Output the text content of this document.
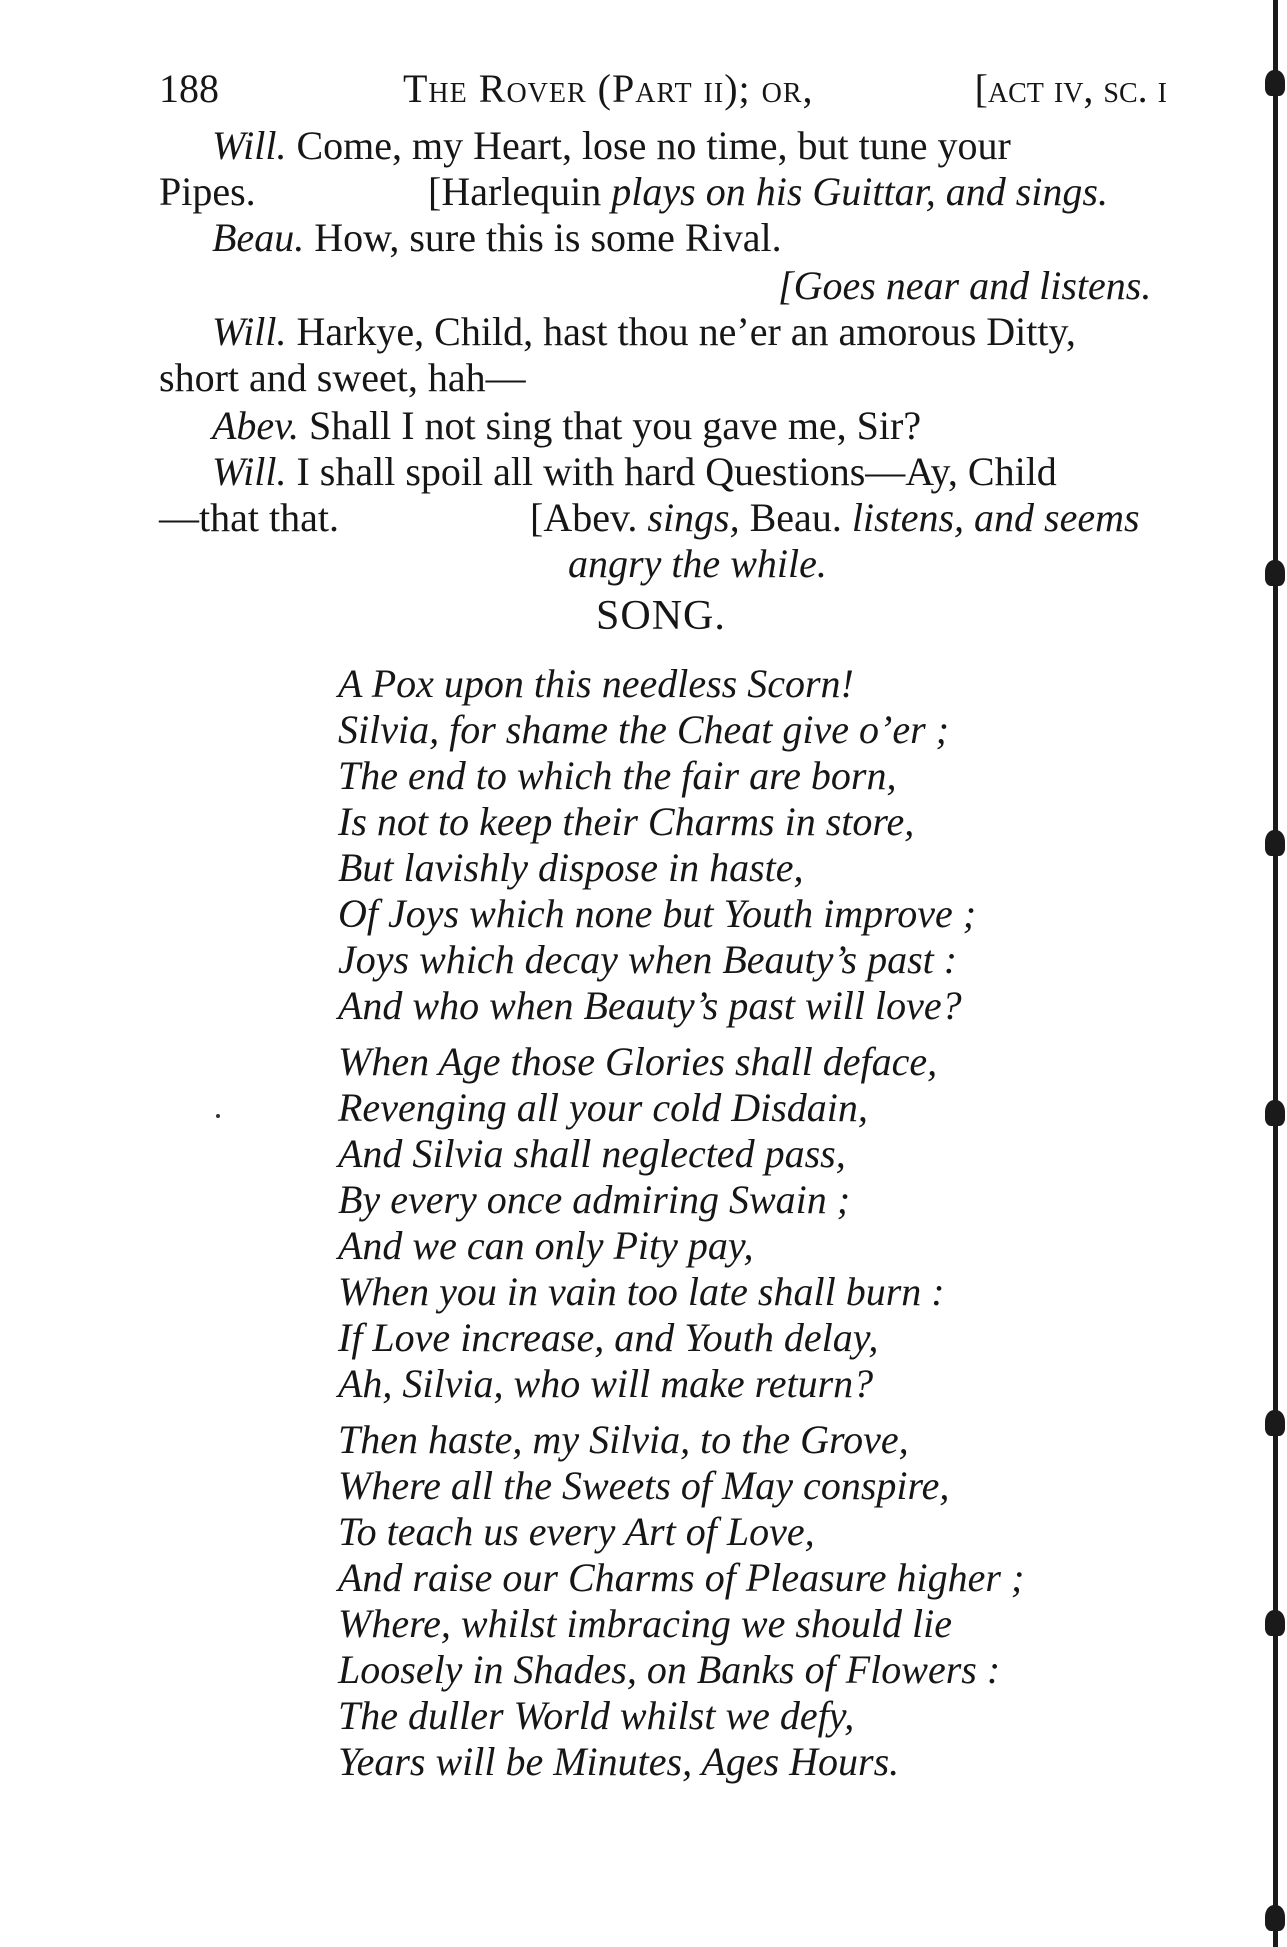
188	The Rover (Part ii); or,	[act iv, sc. i
Will. Come, my Heart, lose no time, but tune your
Pipes.	[Harlequin plays on his Guittar, and sings.
Beau. How, sure this is some Rival.
[Goes near and listens.
Will. Harkye, Child, hast thou ne’er an amorous Ditty,
short and sweet, hah—
Abev. Shall I not sing that you gave me, Sir?
Will. I shall spoil all with hard Questions—Ay, Child
—that that.	[Abev. sings, Beau. listens, and seems
angry the while.
SONG.
A Pox upon this needless Scorn!
Silvia, for shame the Cheat give o’er ;
The end to which the fair are born,
Is not to keep their Charms in store,
But lavishly dispose in haste,
Of Joys which none but Youth improve ;
Joys which decay when Beauty’s past :
And who when Beauty’s past will love?
When Age those Glories shall deface,
Revenging all your cold Disdain,
And Silvia shall neglected pass,
By every once admiring Swain ;
And we can only Pity pay,
When you in vain too late shall burn :
If Love increase, and Youth delay,
Ah, Silvia, who will make return?
Then haste, my Silvia, to the Grove,
Where all the Sweets of May conspire,
To teach us every Art of Love,
And raise our Charms of Pleasure higher ;
Where, whilst imbracing we should lie
Loosely in Shades, on Banks of Flowers :
The duller World whilst we defy,
Years will be Minutes, Ages Hours.
